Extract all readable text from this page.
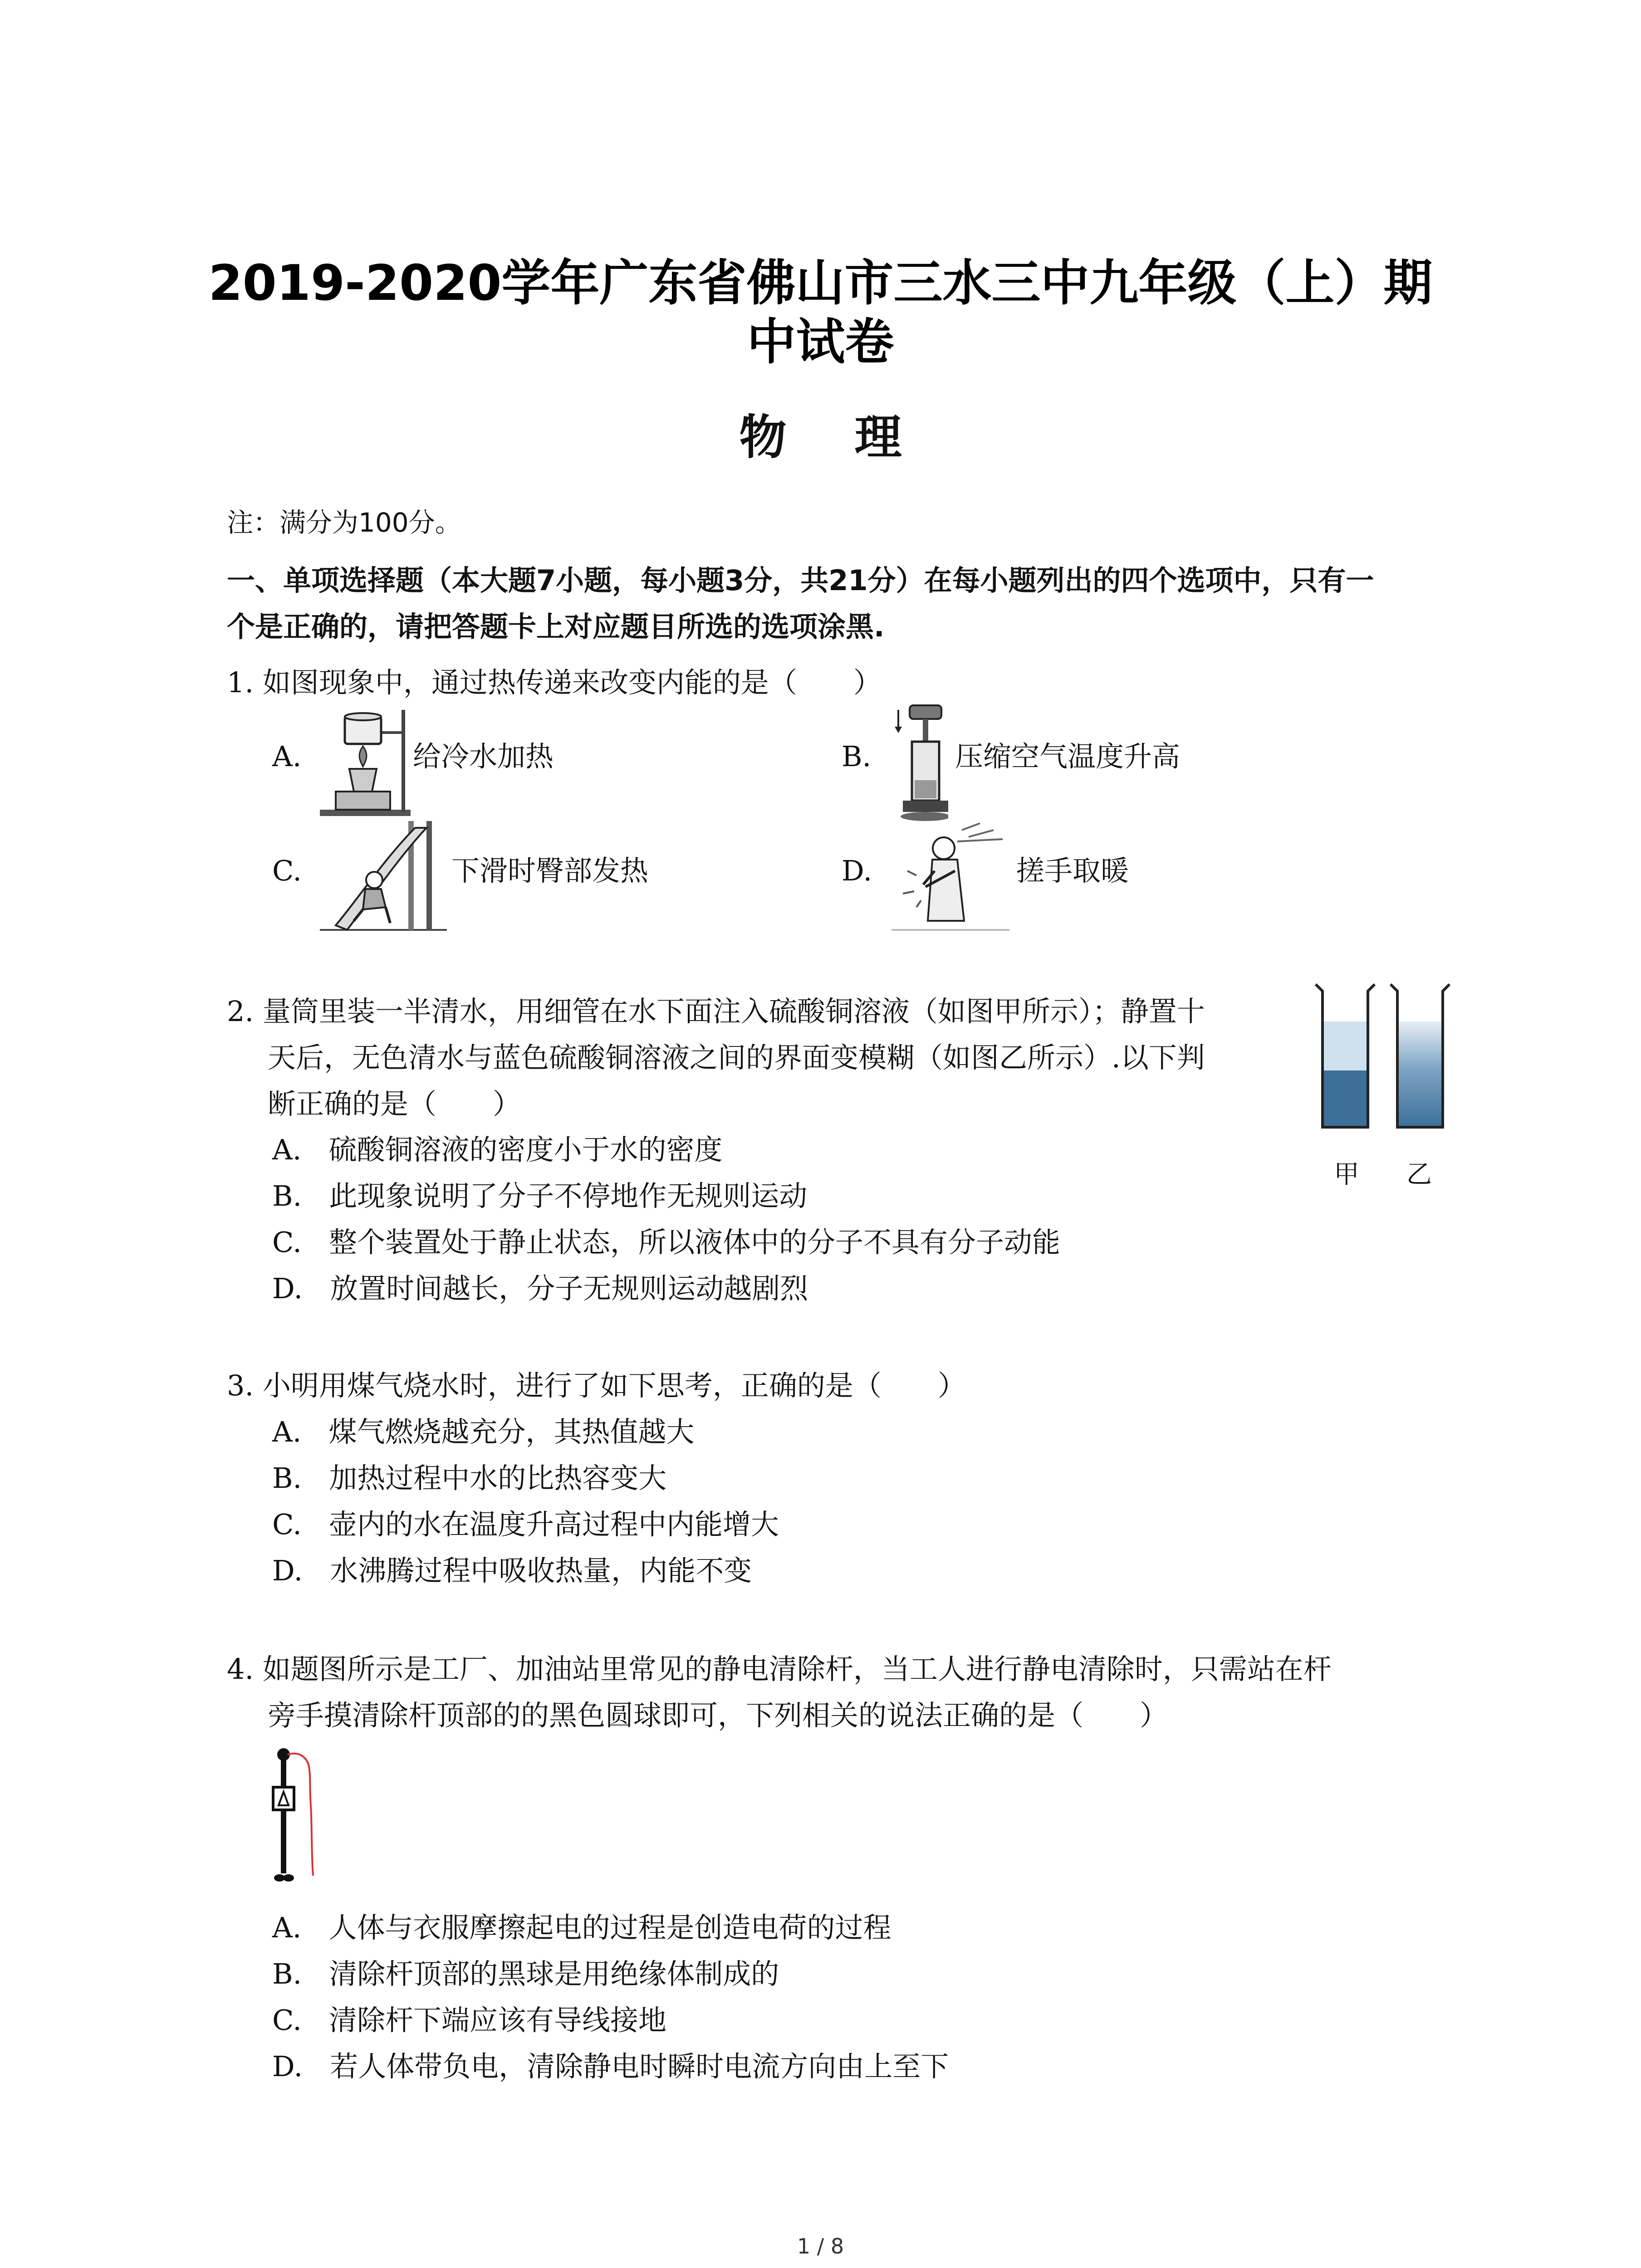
2019-2020学年广东省佛山市三水三中九年级（上）期
中试卷
物理
注：满分为100分。
一、单项选择题（本大题7小题，每小题3分，共21分）在每小题列出的四个选项中，只有一
个是正确的，请把答题卡上对应题目所选的选项涂黑.
1. 如图现象中，通过热传递来改变内能的是（　　）
A.	给冷水加热	B.	压缩空气温度升高
C.	下滑时臀部发热	D.	搓手取暖
2. 量筒里装一半清水，用细管在水下面注入硫酸铜溶液（如图甲所示）；静置十
天后，无色清水与蓝色硫酸铜溶液之间的界面变模糊（如图乙所示）.以下判
断正确的是（　　）
甲 乙
A. 硫酸铜溶液的密度小于水的密度
B. 此现象说明了分子不停地作无规则运动
C. 整个装置处于静止状态，所以液体中的分子不具有分子动能
D. 放置时间越长，分子无规则运动越剧烈
3. 小明用煤气烧水时，进行了如下思考，正确的是（　　）
A. 煤气燃烧越充分，其热值越大
B. 加热过程中水的比热容变大
C. 壶内的水在温度升高过程中内能增大
D. 水沸腾过程中吸收热量，内能不变
4. 如题图所示是工厂、加油站里常见的静电清除杆，当工人进行静电清除时，只需站在杆
旁手摸清除杆顶部的的黑色圆球即可，下列相关的说法正确的是（　　）
A. 人体与衣服摩擦起电的过程是创造电荷的过程
B. 清除杆顶部的黑球是用绝缘体制成的
C. 清除杆下端应该有导线接地
D. 若人体带负电，清除静电时瞬时电流方向由上至下
1 / 8
